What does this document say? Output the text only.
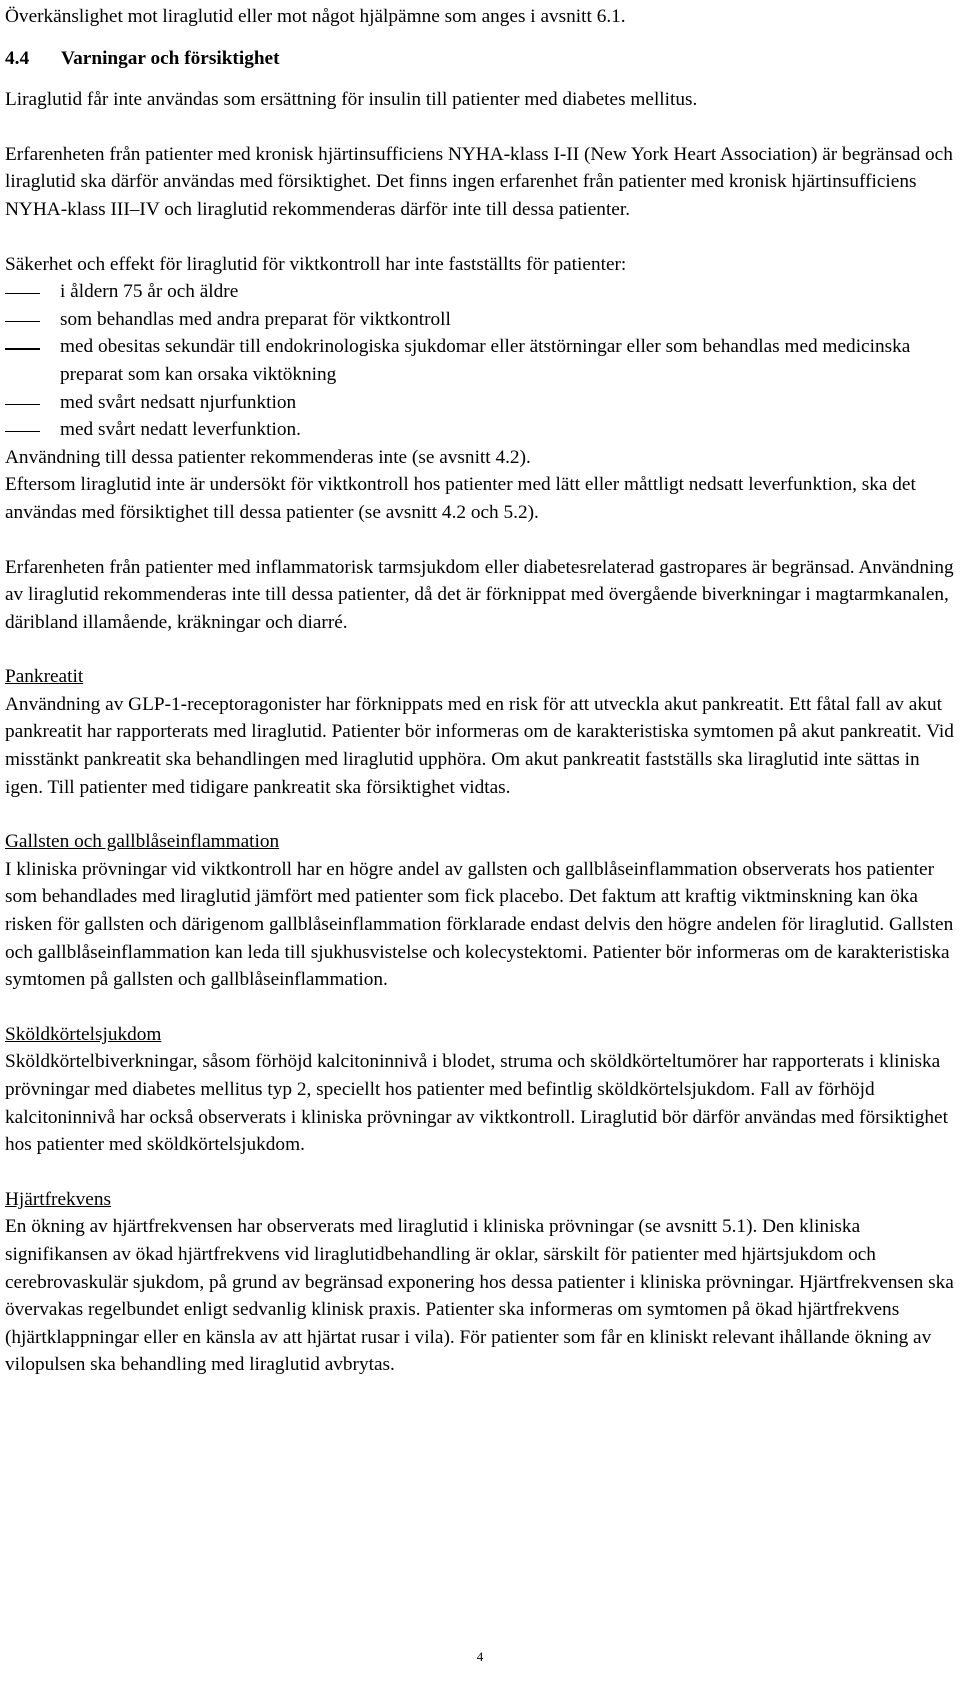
Överkänslighet mot liraglutid eller mot något hjälpämne som anges i avsnitt 6.1.

4.4 Varningar och försiktighet

Liraglutid får inte användas som ersättning för insulin till patienter med diabetes mellitus.

Erfarenheten från patienter med kronisk hjärtinsufficiens NYHA-klass I-II (New York Heart Association) är begränsad och liraglutid ska därför användas med försiktighet. Det finns ingen erfarenhet från patienter med kronisk hjärtinsufficiens NYHA-klass III–IV och liraglutid rekommenderas därför inte till dessa patienter.

Säkerhet och effekt för liraglutid för viktkontroll har inte fastställts för patienter:

i åldern 75 år och äldre

som behandlas med andra preparat för viktkontroll

med obesitas sekundär till endokrinologiska sjukdomar eller ätstörningar eller som behandlas med medicinska preparat som kan orsaka viktökning

med svårt nedsatt njurfunktion

med svårt nedatt leverfunktion.

Användning till dessa patienter rekommenderas inte (se avsnitt 4.2).

Eftersom liraglutid inte är undersökt för viktkontroll hos patienter med lätt eller måttligt nedsatt leverfunktion, ska det användas med försiktighet till dessa patienter (se avsnitt 4.2 och 5.2).

Erfarenheten från patienter med inflammatorisk tarmsjukdom eller diabetesrelaterad gastropares är begränsad. Användning av liraglutid rekommenderas inte till dessa patienter, då det är förknippat med övergående biverkningar i magtarmkanalen, däribland illamående, kräkningar och diarré.

Pankreatit

Användning av GLP-1-receptoragonister har förknippats med en risk för att utveckla akut pankreatit. Ett fåtal fall av akut pankreatit har rapporterats med liraglutid. Patienter bör informeras om de karakteristiska symtomen på akut pankreatit. Vid misstänkt pankreatit ska behandlingen med liraglutid upphöra. Om akut pankreatit fastställs ska liraglutid inte sättas in igen. Till patienter med tidigare pankreatit ska försiktighet vidtas.

Gallsten och gallblåseinflammation

I kliniska prövningar vid viktkontroll har en högre andel av gallsten och gallblåseinflammation observerats hos patienter som behandlades med liraglutid jämfört med patienter som fick placebo. Det faktum att kraftig viktminskning kan öka risken för gallsten och därigenom gallblåseinflammation förklarade endast delvis den högre andelen för liraglutid. Gallsten och gallblåseinflammation kan leda till sjukhusvistelse och kolecystektomi. Patienter bör informeras om de karakteristiska symtomen på gallsten och gallblåseinflammation.

Sköldkörtelsjukdom

Sköldkörtelbiverkningar, såsom förhöjd kalcitoninnivå i blodet, struma och sköldkörteltumörer har rapporterats i kliniska prövningar med diabetes mellitus typ 2, speciellt hos patienter med befintlig sköldkörtelsjukdom. Fall av förhöjd kalcitoninnivå har också observerats i kliniska prövningar av viktkontroll. Liraglutid bör därför användas med försiktighet hos patienter med sköldkörtelsjukdom.

Hjärtfrekvens

En ökning av hjärtfrekvensen har observerats med liraglutid i kliniska prövningar (se avsnitt 5.1). Den kliniska signifikansen av ökad hjärtfrekvens vid liraglutidbehandling är oklar, särskilt för patienter med hjärtsjukdom och cerebrovaskulär sjukdom, på grund av begränsad exponering hos dessa patienter i kliniska prövningar. Hjärtfrekvensen ska övervakas regelbundet enligt sedvanlig klinisk praxis. Patienter ska informeras om symtomen på ökad hjärtfrekvens (hjärtklappningar eller en känsla av att hjärtat rusar i vila). För patienter som får en kliniskt relevant ihållande ökning av vilopulsen ska behandling med liraglutid avbrytas.

4
